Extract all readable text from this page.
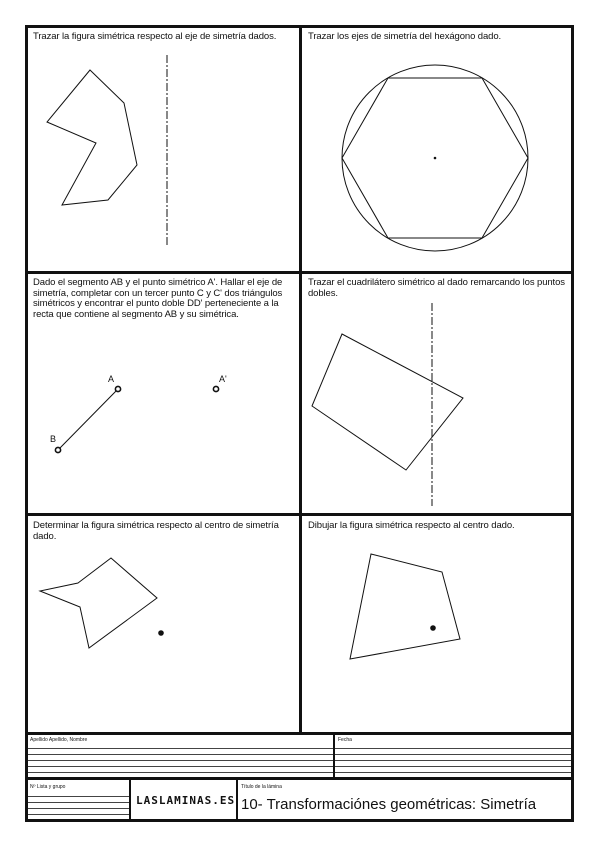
Trazar la figura simétrica respecto al eje de simetría dados.	Trazar los ejes de simetría del hexágono dado.
Dado el segmento AB y el punto simétrico A'. Hallar el eje de simetría, completar con un tercer punto C y C' dos triángulos simétricos y encontrar el punto doble DD' perteneciente a la recta que contiene al segmento AB y su simétrica.
Trazar el cuadrilátero simétrico al dado remarcando los puntos dobles.
Determinar la figura simétrica respecto al centro de simetría dado.
Dibujar la figura simétrica respecto al centro dado.
A	A'
B
Apellido Apellido, Nombre	Fecha
Nº Lista y grupo
LASLAMINAS.ES
Título de la lámina
10- Transformaciónes geométricas: Simetría
